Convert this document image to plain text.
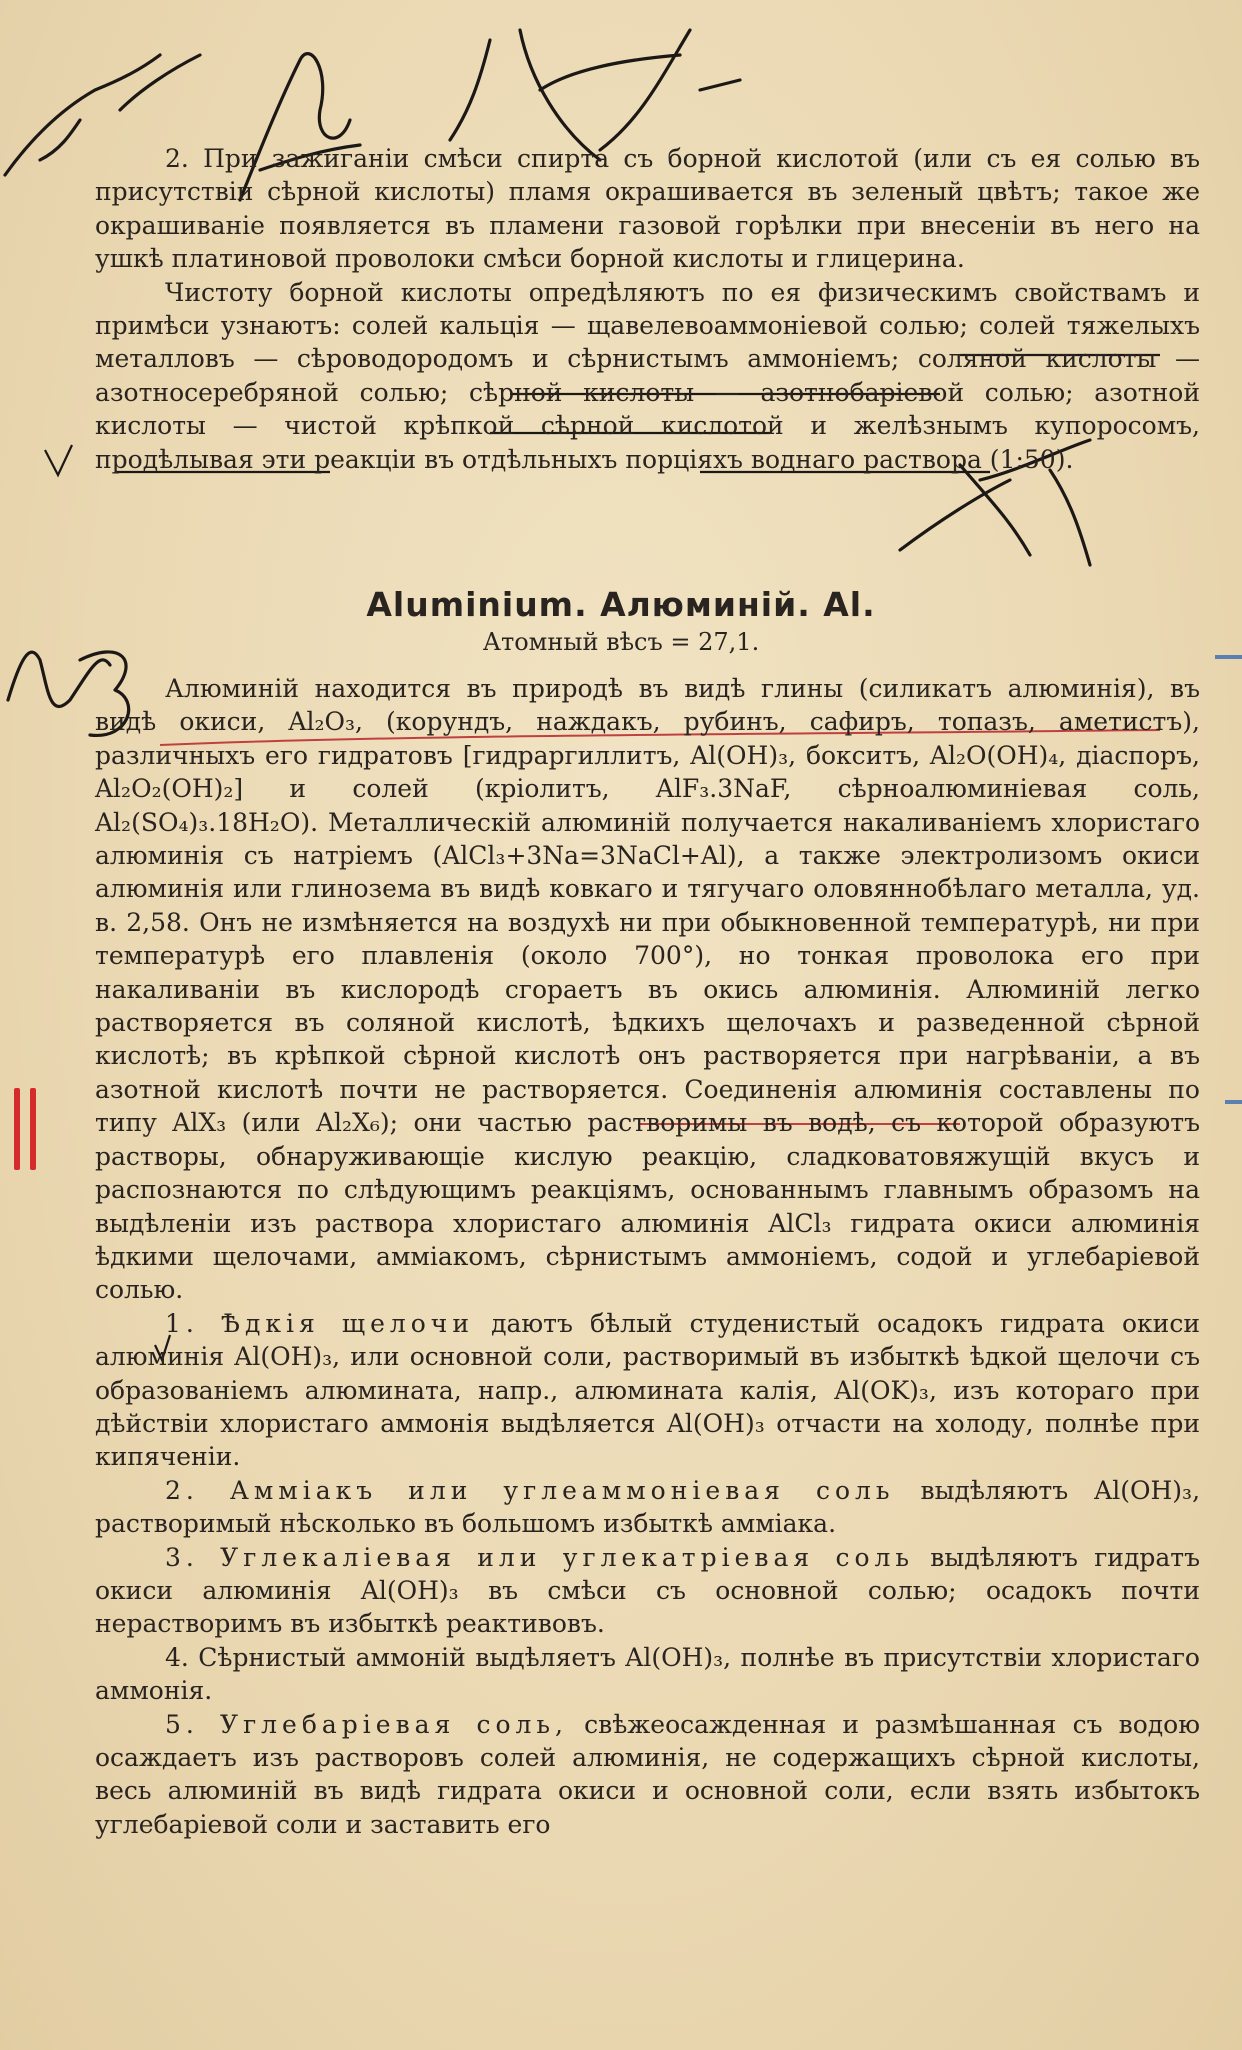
2. При зажиганіи смѣси спирта съ борной кислотой (или съ ея солью въ присутствіи сѣрной кислоты) пламя окрашивается въ зеленый цвѣтъ; такое же окрашиваніе появляется въ пламени газовой горѣлки при внесеніи въ него на ушкѣ платиновой проволоки смѣси борной кислоты и глицерина.

Чистоту борной кислоты опредѣляютъ по ея физическимъ свойствамъ и примѣси узнаютъ: солей кальція — щавелевоаммоніевой солью; солей тяжелыхъ металловъ — сѣроводородомъ и сѣрнистымъ аммоніемъ; соляной кислоты — азотносеребряной солью; сѣрной кислоты — азотнобаріевой солью; азотной кислоты — чистой крѣпкой сѣрной кислотой и желѣзнымъ купоросомъ, продѣлывая эти реакціи въ отдѣльныхъ порціяхъ воднаго раствора (1:50).

Aluminium. Алюминій. Al.
Атомный вѣсъ = 27,1.

Алюминій находится въ природѣ въ видѣ глины (силикатъ алюминія), въ видѣ окиси, Al₂O₃, (корундъ, наждакъ, рубинъ, сафиръ, топазъ, аметистъ), различныхъ его гидратовъ [гидраргиллитъ, Al(OH)₃, бокситъ, Al₂O(OH)₄, діаспоръ, Al₂O₂(OH)₂] и солей (кріолитъ, AlF₃.3NaF, сѣрноалюминіевая соль, Al₂(SO₄)₃.18H₂O). Металлическій алюминій получается накаливаніемъ хлористаго алюминія съ натріемъ (AlCl₃+3Na=3NaCl+Al), а также электролизомъ окиси алюминія или глинозема въ видѣ ковкаго и тягучаго оловяннобѣлаго металла, уд. в. 2,58. Онъ не измѣняется на воздухѣ ни при обыкновенной температурѣ, ни при температурѣ его плавленія (около 700°), но тонкая проволока его при накаливаніи въ кислородѣ сгораетъ въ окись алюминія. Алюминій легко растворяется въ соляной кислотѣ, ѣдкихъ щелочахъ и разведенной сѣрной кислотѣ; въ крѣпкой сѣрной кислотѣ онъ растворяется при нагрѣваніи, а въ азотной кислотѣ почти не растворяется. Соединенія алюминія составлены по типу AlX₃ (или Al₂X₆); они частью растворимы въ водѣ, съ которой образуютъ растворы, обнаруживающіе кислую реакцію, сладковатовяжущій вкусъ и распознаются по слѣдующимъ реакціямъ, основаннымъ главнымъ образомъ на выдѣленіи изъ раствора хлористаго алюминія AlCl₃ гидрата окиси алюминія ѣдкими щелочами, амміакомъ, сѣрнистымъ аммоніемъ, содой и углебаріевой солью.

1. Ѣдкія щелочи даютъ бѣлый студенистый осадокъ гидрата окиси алюминія Al(OH)₃, или основной соли, растворимый въ избыткѣ ѣдкой щелочи съ образованіемъ алюмината, напр., алюмината калія, Al(OK)₃, изъ котораго при дѣйствіи хлористаго аммонія выдѣляется Al(OH)₃ отчасти на холоду, полнѣе при кипяченіи.

2. Амміакъ или углеаммоніевая соль выдѣляютъ Al(OH)₃, растворимый нѣсколько въ большомъ избыткѣ амміака.

3. Углекаліевая или углекатріевая соль выдѣляютъ гидратъ окиси алюминія Al(OH)₃ въ смѣси съ основной солью; осадокъ почти нерастворимъ въ избыткѣ реактивовъ.

4. Сѣрнистый аммоній выдѣляетъ Al(OH)₃, полнѣе въ присутствіи хлористаго аммонія.

5. Углебаріевая соль, свѣжеосажденная и размѣшанная съ водою осаждаетъ изъ растворовъ солей алюминія, не содержащихъ сѣрной кислоты, весь алюминій въ видѣ гидрата окиси и основной соли, если взять избытокъ углебаріевой соли и заставить его
